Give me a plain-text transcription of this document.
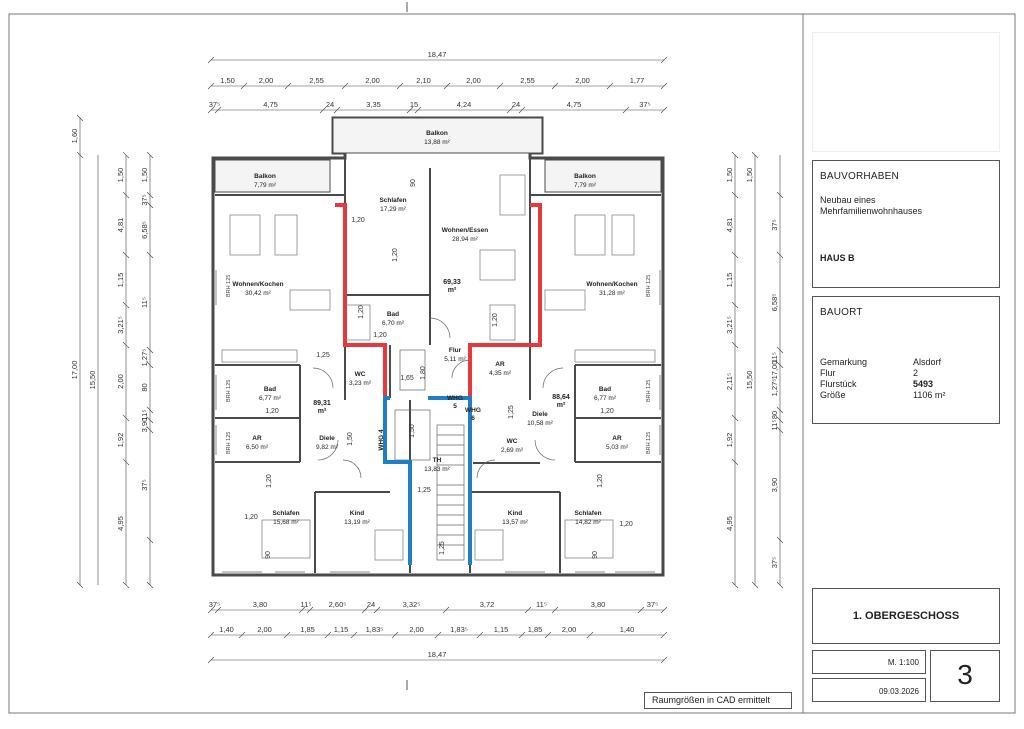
1,50	2,00	2,55	2,00	2,10	2,00	2,55	2,00	1,77
37⁵	4,75	24	3,35	15	4,24	24	4,75	37⁵
37⁵	3,80	11⁵ 2,60⁵	24	3,32⁵	3,72	11⁵	3,80	37⁵
1,40	2,00	1,85	1,15 1,83⁵	2,00	1,83⁵	1,15	1,85	2,00	1,40
18,47
18,47
1,60
15,50
17,00
1,50
4,81
1,15
3,21⁵
2,00
1,92
4,95
1,50
37⁵
6,58⁵
11⁵
1,27⁵
80
11⁵
3,90
37⁵
1,50
15,50
17,00
1,50
4,81
1,15
3,21⁵
2,11⁵
1,92
4,95
37⁵
6,58⁵
11⁵
1,27⁵
80
11⁵
3,90
37⁵
Balkon
13,88 m²
Balkon
7,79 m²
Balkon
7,79 m²
Schlafen
17,29 m²
Wohnen/Essen
28,94 m²
Wohnen/Kochen
30,42 m²
Wohnen/Kochen
31,28 m²
Bad
6,70 m²
Flur
5,11 m²
AR
4,35 m²
WC
3,23 m²
Bad
6,77 m²
Bad
6,77 m²
AR
6,50 m²
AR
5,03 m²
Diele
9,82 m²
Diele
10,58 m²
WC
2,69 m²
TH
13,83 m²
Schlafen
15,68 m²
Kind
13,19 m²
Kind
13,57 m²
Schlafen
14,82 m²
89,31
m²
69,33
m²
88,64
m²
WHG 4
WHG
5
WHG
6
1,20
1,20
1,20
1,20
1,20
1,25
1,65 1,80
1,50
1,25
1,25
1,20	1,20
1,20
1,20
1,20
1,20
90	90
90
1,50
1,25
BRH 125	BRH 125
BRH 125	BRH 125
BRH 125	BRH 125
BAUVORHABEN
Neubau eines
Mehrfamilienwohnhauses
HAUS B
BAUORT
Gemarkung	Alsdorf
Flur	2
Flurstück	5493
Größe	1106 m²
1. OBERGESCHOSS
M. 1:100
09.03.2026
3
Raumgrößen in CAD ermittelt
